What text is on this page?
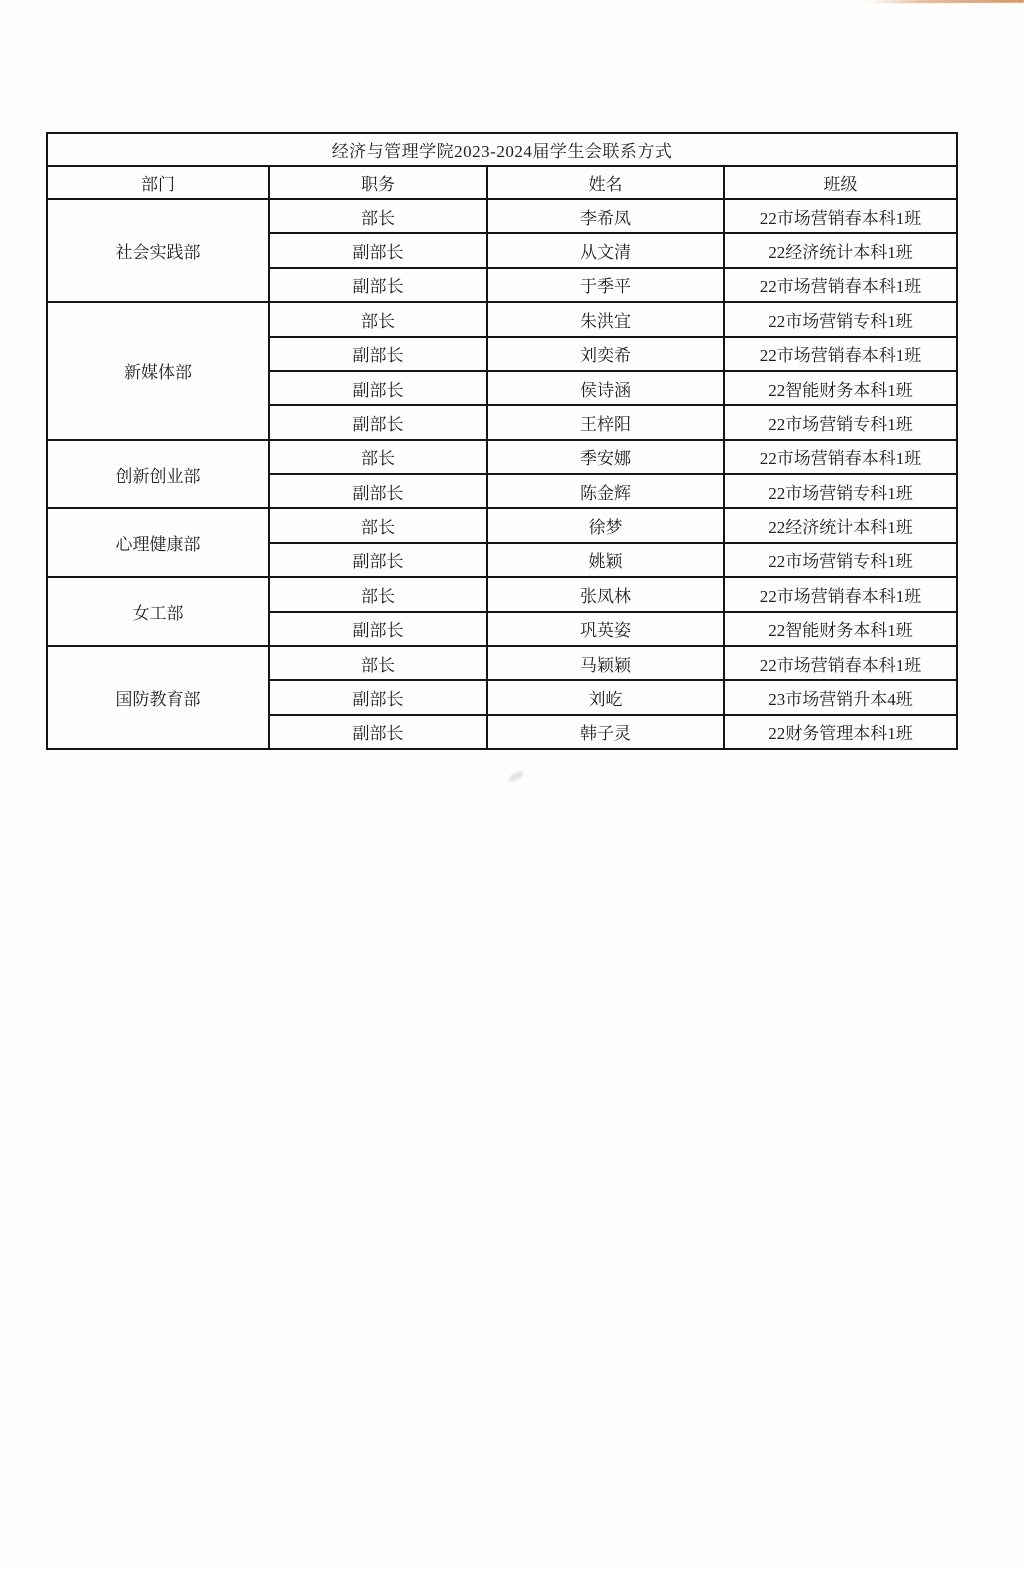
经济与管理学院2023-2024届学生会联系方式			
部门	职务	姓名	班级
社会实践部	部长	李希凤	22市场营销春本科1班
	副部长	从文清	22经济统计本科1班
	副部长	于季平	22市场营销春本科1班
新媒体部	部长	朱洪宜	22市场营销专科1班
	副部长	刘奕希	22市场营销春本科1班
	副部长	侯诗涵	22智能财务本科1班
	副部长	王梓阳	22市场营销专科1班
创新创业部	部长	季安娜	22市场营销春本科1班
	副部长	陈金辉	22市场营销专科1班
心理健康部	部长	徐梦	22经济统计本科1班
	副部长	姚颖	22市场营销专科1班
女工部	部长	张凤林	22市场营销春本科1班
	副部长	巩英姿	22智能财务本科1班
国防教育部	部长	马颖颖	22市场营销春本科1班
	副部长	刘屹	23市场营销升本4班
	副部长	韩子灵	22财务管理本科1班
